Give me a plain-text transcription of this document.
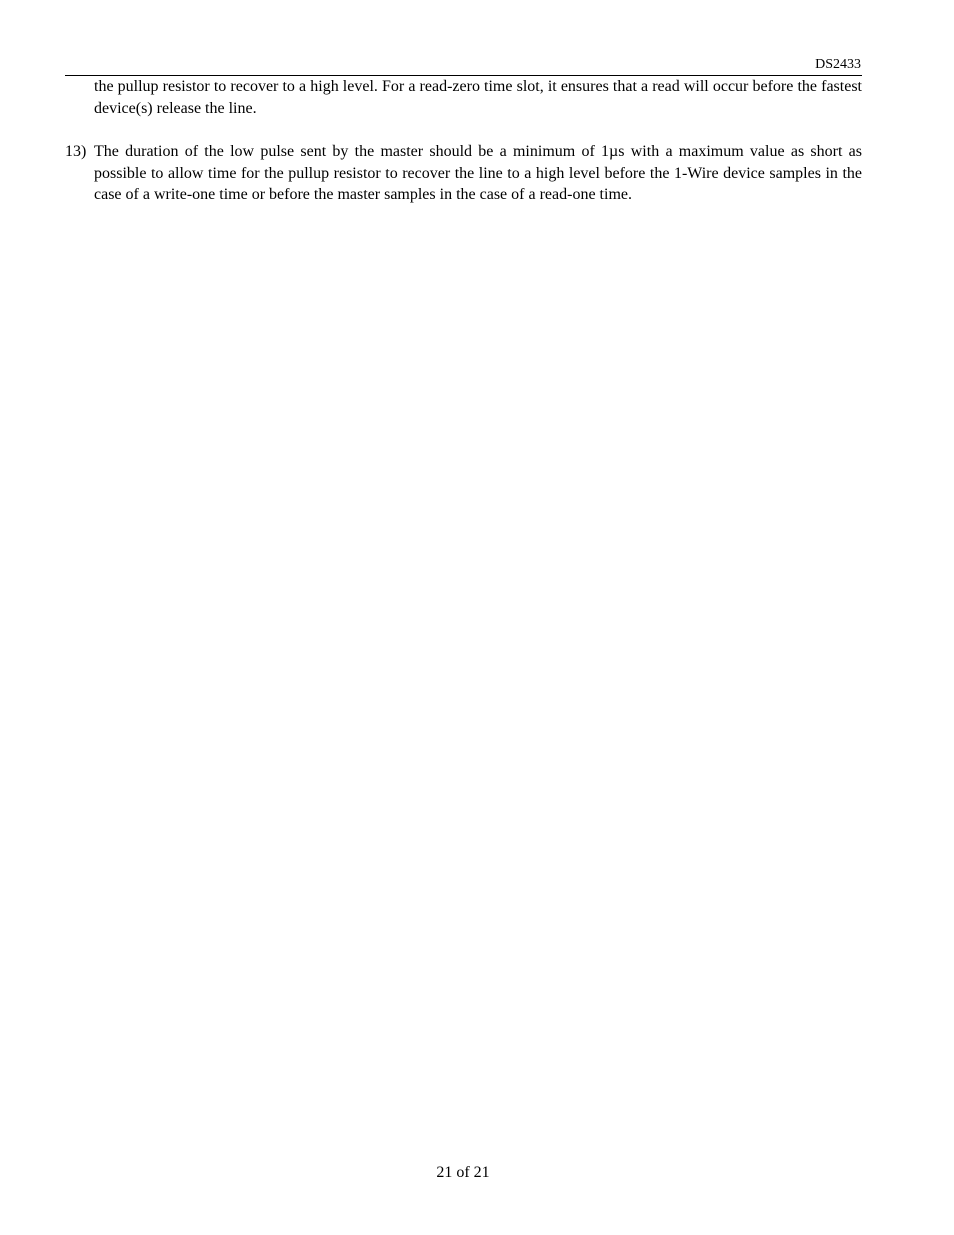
DS2433
the pullup resistor to recover to a high level. For a read-zero time slot, it ensures that a read will occur before the fastest device(s) release the line.
13) The duration of the low pulse sent by the master should be a minimum of 1µs with a maximum value as short as possible to allow time for the pullup resistor to recover the line to a high level before the 1-Wire device samples in the case of a write-one time or before the master samples in the case of a read-one time.
21 of 21
